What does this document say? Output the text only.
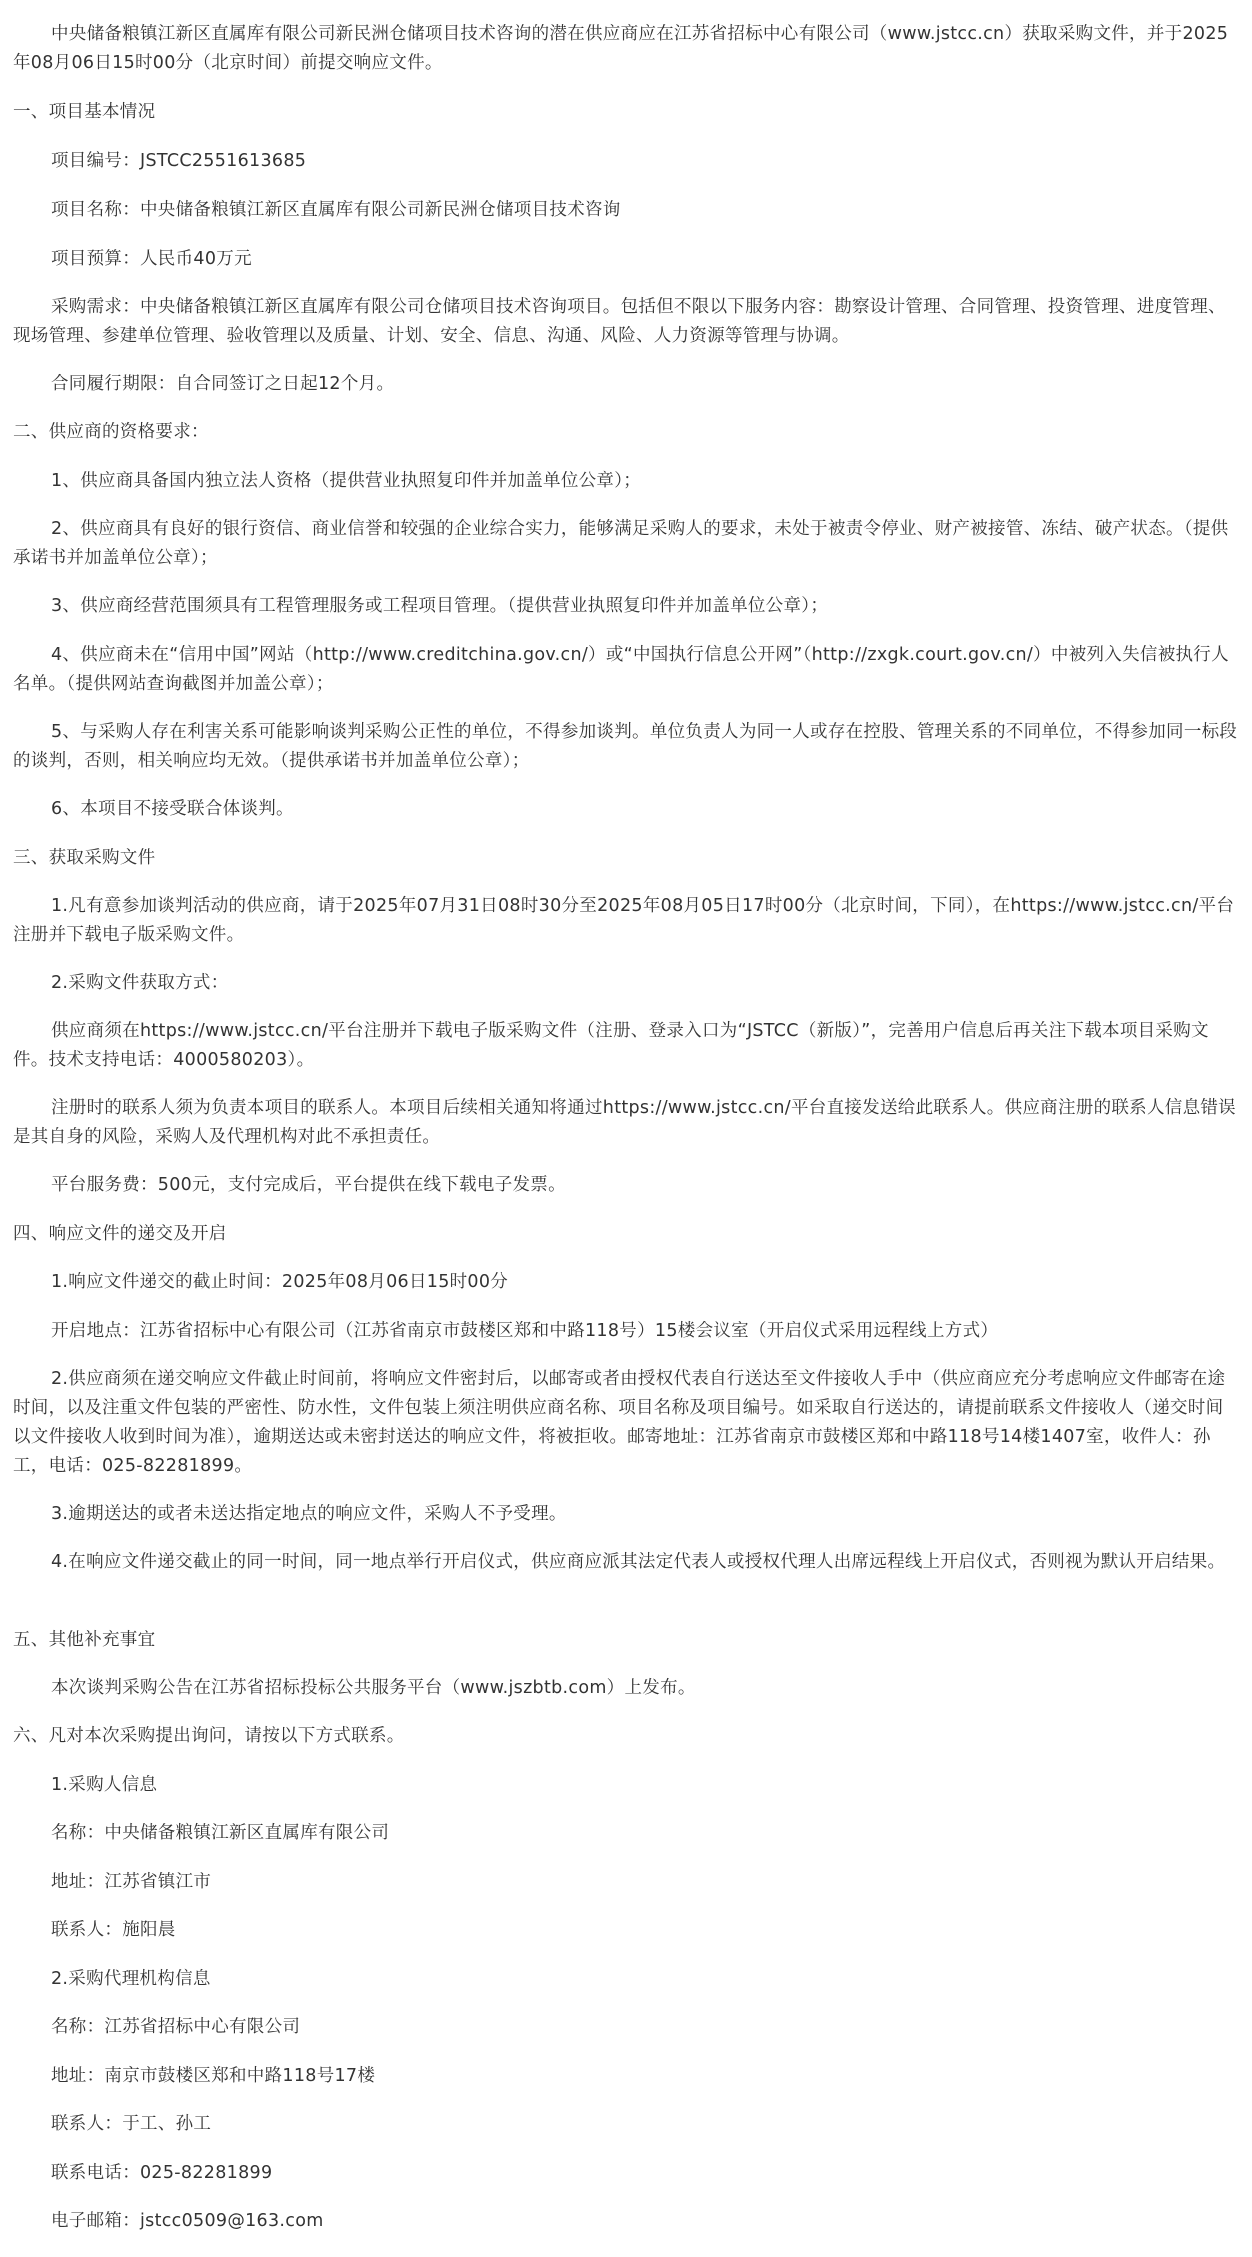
中央储备粮镇江新区直属库有限公司新民洲仓储项目技术咨询的潜在供应商应在江苏省招标中心有限公司（www.jstcc.cn）获取采购文件，并于2025年08月06日15时00分（北京时间）前提交响应文件。

一、项目基本情况

项目编号：JSTCC2551613685

项目名称：中央储备粮镇江新区直属库有限公司新民洲仓储项目技术咨询

项目预算：人民币40万元

采购需求：中央储备粮镇江新区直属库有限公司仓储项目技术咨询项目。包括但不限以下服务内容：勘察设计管理、合同管理、投资管理、进度管理、现场管理、参建单位管理、验收管理以及质量、计划、安全、信息、沟通、风险、人力资源等管理与协调。

合同履行期限：自合同签订之日起12个月。

二、供应商的资格要求：

1、供应商具备国内独立法人资格（提供营业执照复印件并加盖单位公章）；

2、供应商具有良好的银行资信、商业信誉和较强的企业综合实力，能够满足采购人的要求，未处于被责令停业、财产被接管、冻结、破产状态。（提供承诺书并加盖单位公章）；

3、供应商经营范围须具有工程管理服务或工程项目管理。（提供营业执照复印件并加盖单位公章）；

4、供应商未在“信用中国”网站（http://www.creditchina.gov.cn/）或“中国执行信息公开网”（http://zxgk.court.gov.cn/）中被列入失信被执行人名单。（提供网站查询截图并加盖公章）；

5、与采购人存在利害关系可能影响谈判采购公正性的单位，不得参加谈判。单位负责人为同一人或存在控股、管理关系的不同单位，不得参加同一标段的谈判，否则，相关响应均无效。（提供承诺书并加盖单位公章）；

6、本项目不接受联合体谈判。

三、获取采购文件

1.凡有意参加谈判活动的供应商，请于2025年07月31日08时30分至2025年08月05日17时00分（北京时间，下同），在https://www.jstcc.cn/平台注册并下载电子版采购文件。

2.采购文件获取方式：

供应商须在https://www.jstcc.cn/平台注册并下载电子版采购文件（注册、登录入口为“JSTCC（新版）”，完善用户信息后再关注下载本项目采购文件。技术支持电话：4000580203）。

注册时的联系人须为负责本项目的联系人。本项目后续相关通知将通过https://www.jstcc.cn/平台直接发送给此联系人。供应商注册的联系人信息错误是其自身的风险，采购人及代理机构对此不承担责任。

平台服务费：500元，支付完成后，平台提供在线下载电子发票。

四、响应文件的递交及开启

1.响应文件递交的截止时间：2025年08月06日15时00分

开启地点：江苏省招标中心有限公司（江苏省南京市鼓楼区郑和中路118号）15楼会议室（开启仪式采用远程线上方式）

2.供应商须在递交响应文件截止时间前，将响应文件密封后，以邮寄或者由授权代表自行送达至文件接收人手中（供应商应充分考虑响应文件邮寄在途时间，以及注重文件包装的严密性、防水性，文件包装上须注明供应商名称、项目名称及项目编号。如采取自行送达的，请提前联系文件接收人（递交时间以文件接收人收到时间为准），逾期送达或未密封送达的响应文件，将被拒收。邮寄地址：江苏省南京市鼓楼区郑和中路118号14楼1407室，收件人：孙工，电话：025-82281899。

3.逾期送达的或者未送达指定地点的响应文件，采购人不予受理。

4.在响应文件递交截止的同一时间，同一地点举行开启仪式，供应商应派其法定代表人或授权代理人出席远程线上开启仪式，否则视为默认开启结果。

五、其他补充事宜

本次谈判采购公告在江苏省招标投标公共服务平台（www.jszbtb.com）上发布。

六、凡对本次采购提出询问，请按以下方式联系。

1.采购人信息

名称：中央储备粮镇江新区直属库有限公司

地址：江苏省镇江市

联系人：施阳晨

2.采购代理机构信息

名称：江苏省招标中心有限公司

地址：南京市鼓楼区郑和中路118号17楼

联系人：于工、孙工

联系电话：025-82281899

电子邮箱：jstcc0509@163.com
